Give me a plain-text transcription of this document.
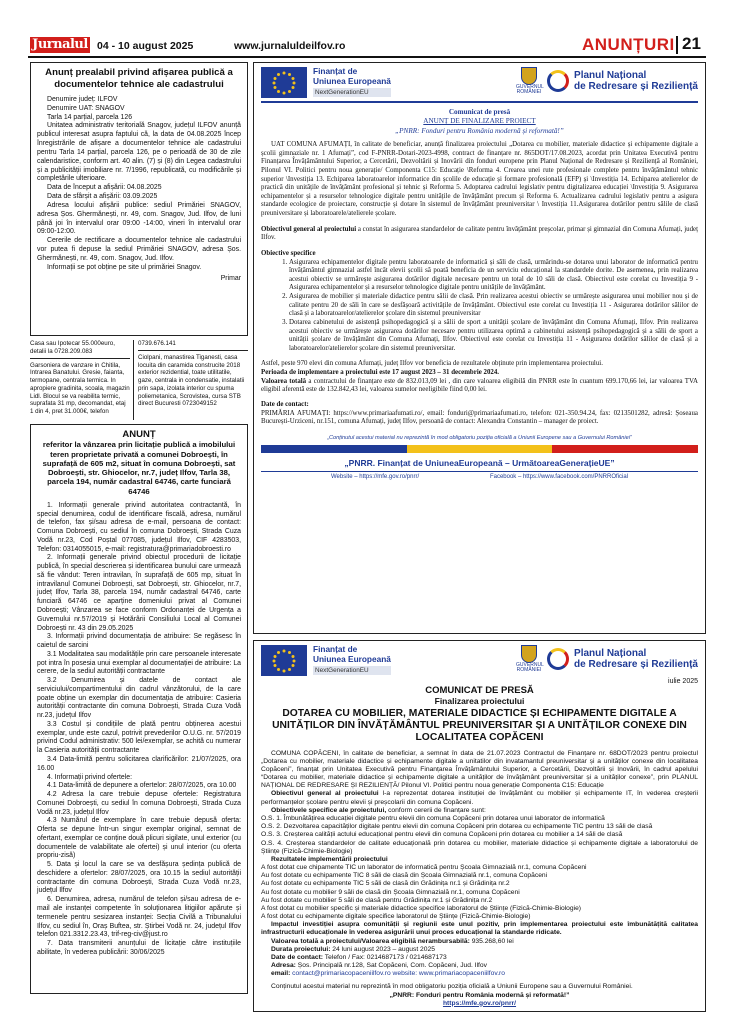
Jurnalul 04 - 10 august 2025	www.jurnaluldeilfov.ro	ANUNȚURI 21
Anunț prealabil privind afișarea publică a documentelor tehnice ale cadastrului

Denumire județ: ILFOV

Denumire UAT: SNAGOV

Tarla 14 parțial, parcela 126

Unitatea administrativ teritorială Snagov, județul ILFOV anunță publicul interesat asupra faptului că, la data de 04.08.2025 încep înregistrările de afișare a documentelor tehnice ale cadastrului pentru Tarla 14 parțial, parcela 126, pe o perioadă de 30 de zile calendaristice, conform art. 40 alin. (7) și (8) din Legea cadastrului și a publicității imobiliare nr. 7/1996, republicată, cu modificările și completările ulterioare.

Data de început a afișării: 04.08.2025

Data de sfârșit a afișării: 03.09.2025

Adresa locului afișării publice: sediul Primăriei SNAGOV, adresa Șos. Ghermănești, nr. 49, com. Snagov, Jud. Ilfov, de luni până joi în intervalul orar 09:00 -14:00, vineri în intervalul orar 09:00-12:00.

Cererile de rectificare a documentelor tehnice ale cadastrului vor putea fi depuse la sediul Primăriei SNAGOV, adresa Șos. Ghermănești, nr. 49, com. Snagov, Jud. Ilfov.

Informații se pot obține pe site ul primăriei Snagov.

Primar
Casa sau Ipotecar 55.000euro, detalii la 0728.209.083
Garsoniera de vanzare in Chitila, Intrarea Banatului. Gresie, faianta, termopane, centrala termica. In apropiere gradinita, scoala, magazin Lidl. Blocul se va reabilita termic, suprafata 31 mp, decomandat, etaj 1 din 4, pret 31.000€, telefon
0739.676.141
Ciolpani, manastirea Tiganesti, casa locuita din caramida construcite 2018 exterior rezidential, toate utilitatile, gaze, centrala in condensatie, instalatii prin sapa, izolata interior cu spuma poliemetanica, Scrovistea, cursa STB direct Bucuresti 0723049152
ANUNȚ
referitor la vânzarea prin licitație publică a imobilului teren proprietate privată a comunei Dobroești, în suprafață de 605 m2, situat în comuna Dobroești, sat Dobroești, str. Ghiocelor, nr.7, județ Ilfov, Tarla 38, parcela 194, număr cadastral 64746, carte funciară 64746

1. Informații generale privind autoritatea contractantă, în special denumirea, codul de identificare fiscală, adresa, numărul de telefon, fax și/sau adresa de e-mail, persoana de contact: Comuna Dobroești, cu sediul în comuna Dobroești, Strada Cuza Vodă nr.23, Cod Poștal 077085, județul Ilfov, CIF 4283503, Telefon: 0314055015, e-mail: registratura@primariadobroesti.ro

2. Informații generale privind obiectul procedurii de licitație publică, în special descrierea și identificarea bunului care urmează să fie vândut: Teren intravilan, în suprafață de 605 mp, situat în intravilanul Comunei Dobroești, sat Dobroești, str. Ghiocelor, nr.7, județ Ilfov, Tarla 38, parcela 194, număr cadastral 64746, carte funciară 64746 ce aparține domeniului privat al Comunei Dobroești; Vânzarea se face conform Ordonanței de Urgența a Guvernului nr.57/2019 și Hotărârii Consiliului Local al Comunei Dobroești nr. 43 din 29.05.2025

3. Informații privind documentația de atribuire: Se regăsesc în caietul de sarcini

3.1 Modalitatea sau modalitățile prin care persoanele interesate pot intra în posesia unui exemplar al documentației de atribuire: La cerere, de la sediul autorității contractante

3.2 Denumirea și datele de contact ale serviciului/compartimentului din cadrul vânzătorului, de la care poate obține un exemplar din documentația de atribuire: Casieria autorității contractante din comuna Dobroești, Strada Cuza Vodă nr.23, județul Ilfov

3.3 Costul și condițiile de plată pentru obținerea acestui exemplar, unde este cazul, potrivit prevederilor O.U.G. nr. 57/2019 privind Codul administrativ: 500 lei/exemplar, se achită cu numerar la Casieria autorității contractante

3.4 Data-limită pentru solicitarea clarificărilor: 21/07/2025, ora 16.00

4. Informații privind ofertele:

4.1 Data-limită de depunere a ofertelor: 28/07/2025, ora 10.00

4.2 Adresa la care trebuie depuse ofertele: Registratura Comunei Dobroești, cu sediul în comuna Dobroești, Strada Cuza Vodă nr.23, județul Ilfov

4.3 Numărul de exemplare în care trebuie depusă oferta: Oferta se depune într-un singur exemplar original, semnat de ofertant, exemplar ce conține două plicuri sigilate, unul exterior (cu documentele de valabilitate ale ofertei) și unul interior (cu oferta propriu-zisă)

5. Data și locul la care se va desfășura ședința publică de deschidere a ofertelor: 28/07/2025, ora 10.15 la sediul autorității contractante din comuna Dobroești, Strada Cuza Vodă nr.23, județul Ilfov

6. Denumirea, adresa, numărul de telefon și/sau adresa de e-mail ale instanței competente în soluționarea litigiilor apărute și termenele pentru sesizarea instanței: Secția Civilă a Tribunalului Ilfov, cu sediul în, Oraș Buftea, str. Știrbei Vodă nr. 24, județul Ilfov telefon 021.3312.23.43, trif-reg-civ@just.ro

7. Data transmiterii anunțului de licitație către instituțiile abilitate, în vederea publicării: 30/06/2025

Finanțat de
Uniunea Europeană
NextGenerationEU
GUVERNUL ROMÂNIEI
Planul Național
de Redresare și Reziliență
Comunicat de presă
ANUNȚ DE FINALIZARE PROIECT
„PNRR: Fonduri pentru România modernă și reformată!”

UAT COMUNA AFUMAȚI, în calitate de beneficiar, anunță finalizarea proiectului „Dotarea cu mobilier, materiale didactice și echipamente digitale a școlii gimnaziale nr. 1 Afumați”, cod F-PNRR-Dotari-2023-4998, contract de finanțare nr. 865DOT/17.08.2023, acordat prin Unitatea Executivă pentru Finanțarea Învățământului Superior, a Cercetării, Dezvoltării și Inovării din fonduri europene prin Planul Național de Redresare și Reziliență al României, Pilonul VI. Politici pentru noua generație/ Componenta C15: Educație \Reforma 4. Crearea unei rute profesionale complete pentru învățământul tehnic superior \Investiția 13. Echiparea laboratoarelor informatice din școlile de educație și formare profesională (EFP) și \Investiția 14. Echiparea atelierelor de practică din unitățile de învățământ profesional și tehnic și Reforma 5. Adoptarea cadrului legislativ pentru digitalizarea educației \Investiția 9. Asigurarea echipamentelor și a resurselor tehnologice digitale pentru unitățile de învățământ precum și Reforma 6. Actualizarea cadrului legislativ pentru a asigura standarde ecologice de proiectare, construcție și dotare în sistemul de învățământ preuniversitar \ Investiția 11.Asigurarea dotărilor pentru sălile de clasă preuniversitare și laboratoarele/atelierele școlare.

Obiectivul general al proiectului a constat în asigurarea standardelor de calitate pentru învățământ preșcolar, primar și gimnazial din Comuna Afumați, județ Ilfov.

Obiective specifice

1. Asigurarea echipamentelor digitale pentru laboratoarele de informatică și săli de clasă, urmărindu-se dotarea unui laborator de informatică pentru învățământul gimnazial astfel încât elevii școlii să poată beneficia de un serviciu educațional la standardele dorite. De asemenea, prin realizarea acestui obiectiv se urmărește asigurarea dotărilor digitale necesare pentru un total de 10 săli de clasă. Obiectivul este corelat cu Investiția 9 - Asigurarea echipamentelor și a resurselor tehnologice digitale pentru unitățile de învățământ.
2. Asigurarea de mobilier și materiale didactice pentru sălii de clasă. Prin realizarea acestui obiectiv se urmărește asigurarea unui mobilier nou și de calitate pentru 20 de săli în care se desfășoară activitățile de învățământ. Obiectivul este corelat cu Investiția 11 - Asigurarea dotărilor sălilor de clasă și a laboratoarelor/atelierelor școlare din sistemul preuniversitar
3. Dotarea cabinetului de asistență psihopedagogică și a sălii de sport a unității școlare de învățământ din Comuna Afumați, Ilfov. Prin realizarea acestui obiectiv se urmărește asigurarea dotărilor necesare pentru utilizarea optimă a cabinetului asistență psihopedagogică și a sălii de sport a unității școlare de învățământ din Comuna Afumați, Ilfov. Obiectivul este corelat cu Investiția 11 - Asigurarea dotărilor sălilor de clasă și a laboratoarelor/atelierelor școlare din sistemul preuniversitar.

Astfel, peste 970 elevi din comuna Afumați, județ Ilfov vor beneficia de rezultatele obținute prin implementarea proiectului.

Perioada de implementare a proiectului este 17 august 2023 – 31 decembrie 2024.

Valoarea totală a contractului de finanțare este de 832.013,09 lei , din care valoarea eligibilă din PNRR este în cuantum 699.170,66 lei, iar valoarea TVA eligibil aferentă este de 132.842,43 lei, valoarea sumelor neeligibile fiind 0,00 lei.

Date de contact:

PRIMĂRIA AFUMAȚI: https://www.primariaafumati.ro/, email: fonduri@primariaafumati.ro, telefon: 021-350.94.24, fax: 0213501282, adresă: Șoseaua București-Urziceni, nr.151, comuna Afumați, județ Ilfov, persoană de contact: Alexandra Constantin – manager de proiect.

„Conținutul acestui material nu reprezintă în mod obligatoriu poziția oficială a Uniunii Europene sau a Guvernului României”
„PNRR. Finanțat de UniuneaEuropeană – UrmătoareaGenerațieUE”
Website – https://mfe.gov.ro/pnrr/	Facebook – https://www.facebook.com/PNRROficial
Finanțat de
Uniunea Europeană
NextGenerationEU
GUVERNUL ROMÂNIEI
Planul Național
de Redresare și Reziliență
iulie 2025
COMUNICAT DE PRESĂ
Finalizarea proiectului
DOTAREA CU MOBILIER, MATERIALE DIDACTICE ȘI ECHIPAMENTE DIGITALE A UNITĂȚILOR DIN ÎNVĂȚĂMÂNTUL PREUNIVERSITAR ȘI A UNITĂȚILOR CONEXE DIN LOCALITATEA COPĂCENI

COMUNA COPĂCENI, în calitate de beneficiar, a semnat în data de 21.07.2023 Contractul de Finanțare nr. 68DOT/2023 pentru proiectul „Dotarea cu mobilier, materiale didactice și echipamente digitale a unitatilor din invatamantul preuniversitar și a unităților conexe din localitatea Copăceni”, finanțat prin Unitatea Executivă pentru Finanțarea Învățământului Superior, a Cercetării, Dezvoltării și Inovării, în cadrul apelului “Dotarea cu mobilier, materiale didactice și echipamente digitale a unităților de învățământ preuniversitar și a unităților conexe”, prin PLANUL NAȚIONAL DE REDRESARE ȘI REZILIENȚĂ/ Pilonul VI. Politici pentru noua generație Componenta C15: Educație

Obiectivul general al proiectului l-a reprezentat dotarea instituției de învățământ cu mobilier și echipamente IT, în vederea creșterii performanțelor școlare pentru elevii și preșcolarii din comuna Copăceni.

Obiectivele specifice ale proiectului, conform cererii de finanțare sunt:

O.S. 1. Îmbunătățirea educației digitale pentru elevii din comuna Copăceni prin dotarea unui laborator de informatică
O.S. 2. Dezvoltarea capacităților digitale pentru elevii din comuna Copăceni prin dotarea cu echipamente TIC pentru 13 săli de clasă
O.S. 3. Creșterea calității actului educațional pentru elevii din comuna Copăceni prin dotarea cu mobilier a 14 săli de clasă
O.S. 4. Creșterea standardelor de calitate educațională prin dotarea cu mobilier, materiale didactice și echipamente digitale a laboratorului de Științe (Fizică-Chimie-Biologie)

Rezultatele implementării proiectului

A fost dotat cue chipamente TIC un laborator de informatică pentru Școala Gimnazială nr.1, comuna Copăceni
Au fost dotate cu echipamente TIC 8 săli de clasă din Școala Gimnazială nr.1, comuna Copăceni
Au fost dotate cu echipamente TIC 5 săli de clasă din Grădinița nr.1 și Grădinița nr.2
Au fost dotate cu mobilier 9 săli de clasă din Școala Gimnazială nr.1, comuna Copăceni
Au fost dotate cu mobilier 5 săli de clasă pentru Grădinița nr.1 și Grădinița nr.2
A fost dotat cu mobilier specific și materiale didactice specifice laboratorul de Științe (Fizică-Chimie-Biologie)
A fost dotat cu echipamente digitale specifice laboratorul de Științe (Fizică-Chimie-Biologie)

Impactul investiției asupra comunității și regiunii este unul pozitiv, prin implementarea proiectului este îmbunătățită calitatea infrastructurii educaționale în vederea asigurării unui proces educațional la standarde ridicate.

Valoarea totală a proiectului/Valoarea eligibilă nerambursabilă: 935.268,60 lei

Durata proiectului: 24 luni august 2023 – august 2025

Date de contact: Telefon / Fax: 0214687173 / 0214687173

Adresa: Șos. Principală nr.128, Sat Copăceni, Com. Copăceni, Jud. Ilfov

email: contact@primariacopaceniilfov.ro website: www.primariacopaceniilfov.ro

Conținutul acestui material nu reprezintă în mod obligatoriu poziția oficială a Uniunii Europene sau a Guvernului României.

„PNRR: Fonduri pentru România modernă și reformată!”
https://mfe.gov.ro/pnrr/
